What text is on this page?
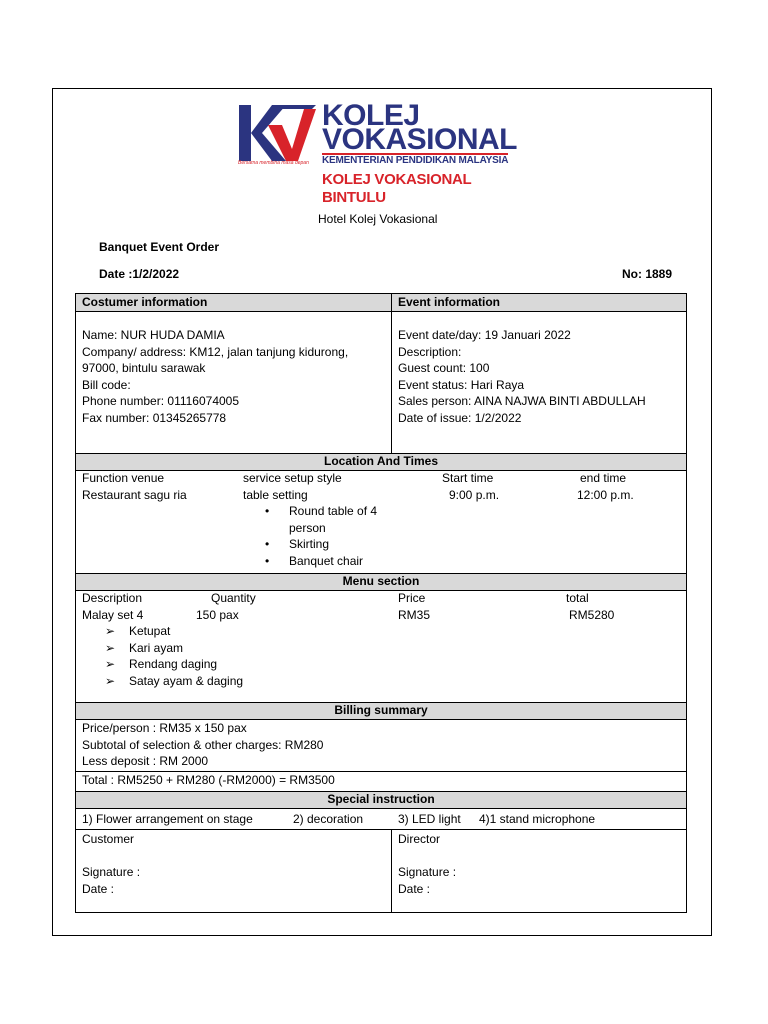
KOLEJ
VOKASIONAL
KEMENTERIAN PENDIDIKAN MALAYSIA
Bersama membina masa depan
KOLEJ VOKASIONAL BINTULU
Hotel Kolej Vokasional
Banquet Event Order
Date :1/2/2022	No: 1889
Costumer information	Event information
Name: NUR HUDA DAMIA
Company/ address: KM12, jalan tanjung kidurong,
97000, bintulu sarawak
Bill code:
Phone number: 01116074005
Fax number: 01345265778
Event date/day: 19 Januari 2022
Description:
Guest count: 100
Event status: Hari Raya
Sales person: AINA NAJWA BINTI ABDULLAH
Date of issue: 1/2/2022
Location And Times
Function venue	service setup style	Start time	end time
Restaurant sagu ria	table setting	9:00 p.m.	12:00 p.m.
• Round table of 4
person
• Skirting
• Banquet chair
Menu section
Description	Quantity	Price	total
Malay set 4	150 pax	RM35	RM5280
➢ Ketupat
➢ Kari ayam
➢ Rendang daging
➢ Satay ayam & daging
Billing summary
Price/person : RM35 x 150 pax
Subtotal of selection & other charges: RM280
Less deposit : RM 2000
Total : RM5250 + RM280 (-RM2000) = RM3500
Special instruction
1) Flower arrangement on stage	2) decoration	3) LED light 4)1 stand microphone
Customer
Signature :
Date :
Director
Signature :
Date :
